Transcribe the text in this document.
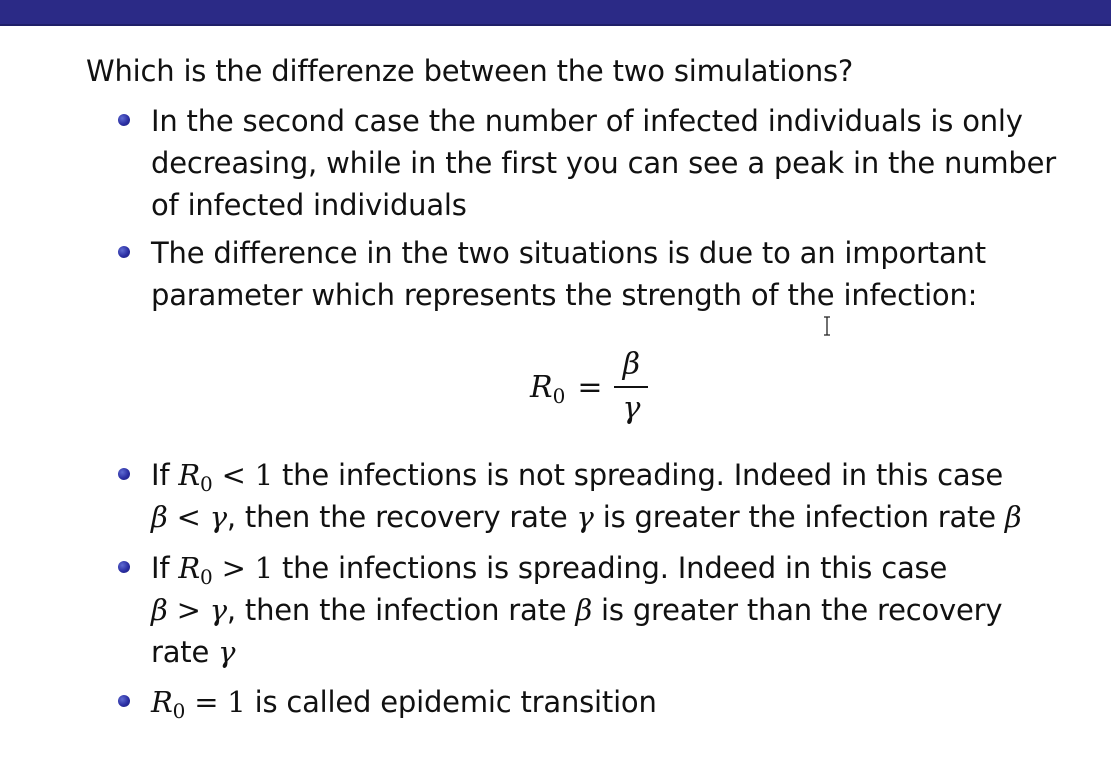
Which is the differenze between the two simulations?
In the second case the number of infected individuals is only
decreasing, while in the first you can see a peak in the number
of infected individuals
The difference in the two situations is due to an important
parameter which represents the strength of the infection:
$R_0 = \frac{\beta}{\gamma}$
If $R_0 < 1$ the infections is not spreading. Indeed in this case
β < γ, then the recovery rate γ is greater the infection rate β
If $R_0 > 1$ the infections is spreading. Indeed in this case
β > γ, then the infection rate β is greater than the recovery
rate γ
$R_0 = 1$ is called epidemic transition
